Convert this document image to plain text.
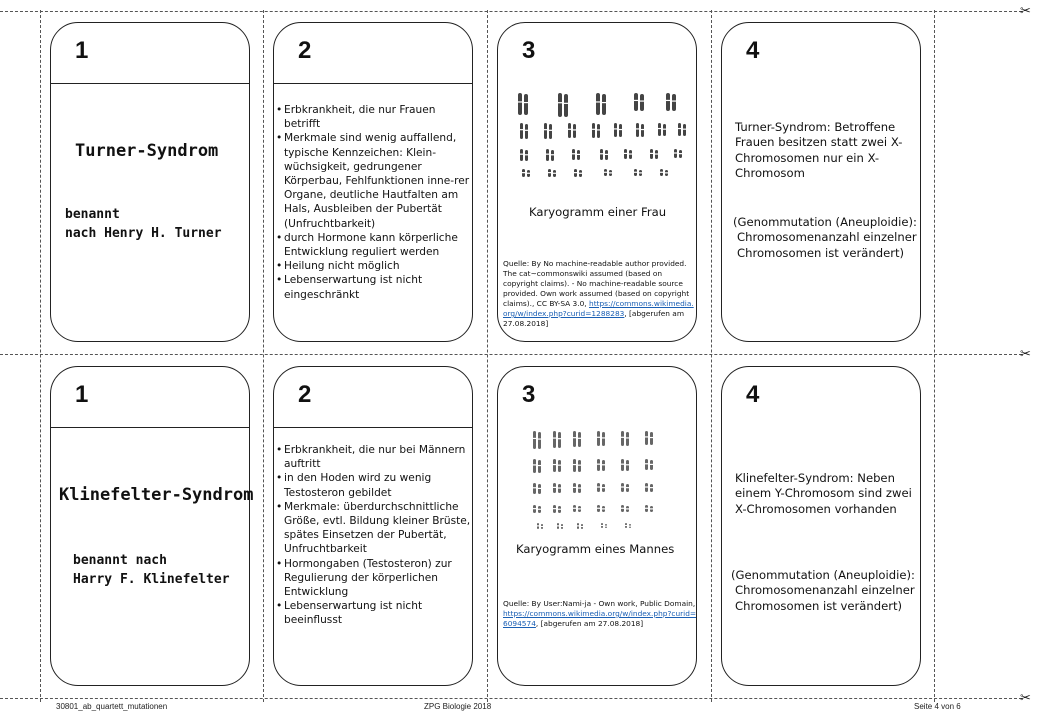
✂
✂
✂
1
Turner-Syndrom
benannt
nach Henry H. Turner
2
• Erbkrankheit, die nur Frauen betrifft
• Merkmale sind wenig auffallend, typische Kennzeichen: Klein-wüchsigkeit, gedrungener Körperbau, Fehlfunktionen inne-rer Organe, deutliche Hautfalten am Hals, Ausbleiben der Pubertät (Unfruchtbarkeit)
• durch Hormone kann körperliche Entwicklung reguliert werden
• Heilung nicht möglich
• Lebenserwartung ist nicht eingeschränkt
3
Karyogramm einer Frau
Quelle: By No machine-readable author provided. The cat~commonswiki assumed (based on copyright claims). - No machine-readable source provided. Own work assumed (based on copyright claims)., CC BY-SA 3.0, https://commons.wikimedia.org/w/index.php?curid=1288283, [abgerufen am 27.08.2018]
4
Turner-Syndrom: Betroffene Frauen besitzen statt zwei X-Chromosomen nur ein X-Chromosom
(Genommutation (Aneuploidie):
Chromosomenanzahl einzelner Chromosomen ist verändert)
1
Klinefelter-Syndrom
benannt nach
Harry F. Klinefelter
2
• Erbkrankheit, die nur bei Männern auftritt
• in den Hoden wird zu wenig Testosteron gebildet
• Merkmale: überdurchschnittliche Größe, evtl. Bildung kleiner Brüste, spätes Einsetzen der Pubertät, Unfruchtbarkeit
• Hormongaben (Testosteron) zur Regulierung der körperlichen Entwicklung
• Lebenserwartung ist nicht beeinflusst
3
Karyogramm eines Mannes
Quelle: By User:Nami-ja - Own work, Public Domain, https://commons.wikimedia.org/w/index.php?curid=6094574, [abgerufen am 27.08.2018]
4
Klinefelter-Syndrom: Neben einem Y-Chromosom sind zwei X-Chromosomen vorhanden
(Genommutation (Aneuploidie):
Chromosomenanzahl einzelner Chromosomen ist verändert)
30801_ab_quartett_mutationen	ZPG Biologie 2018	Seite 4 von 6
